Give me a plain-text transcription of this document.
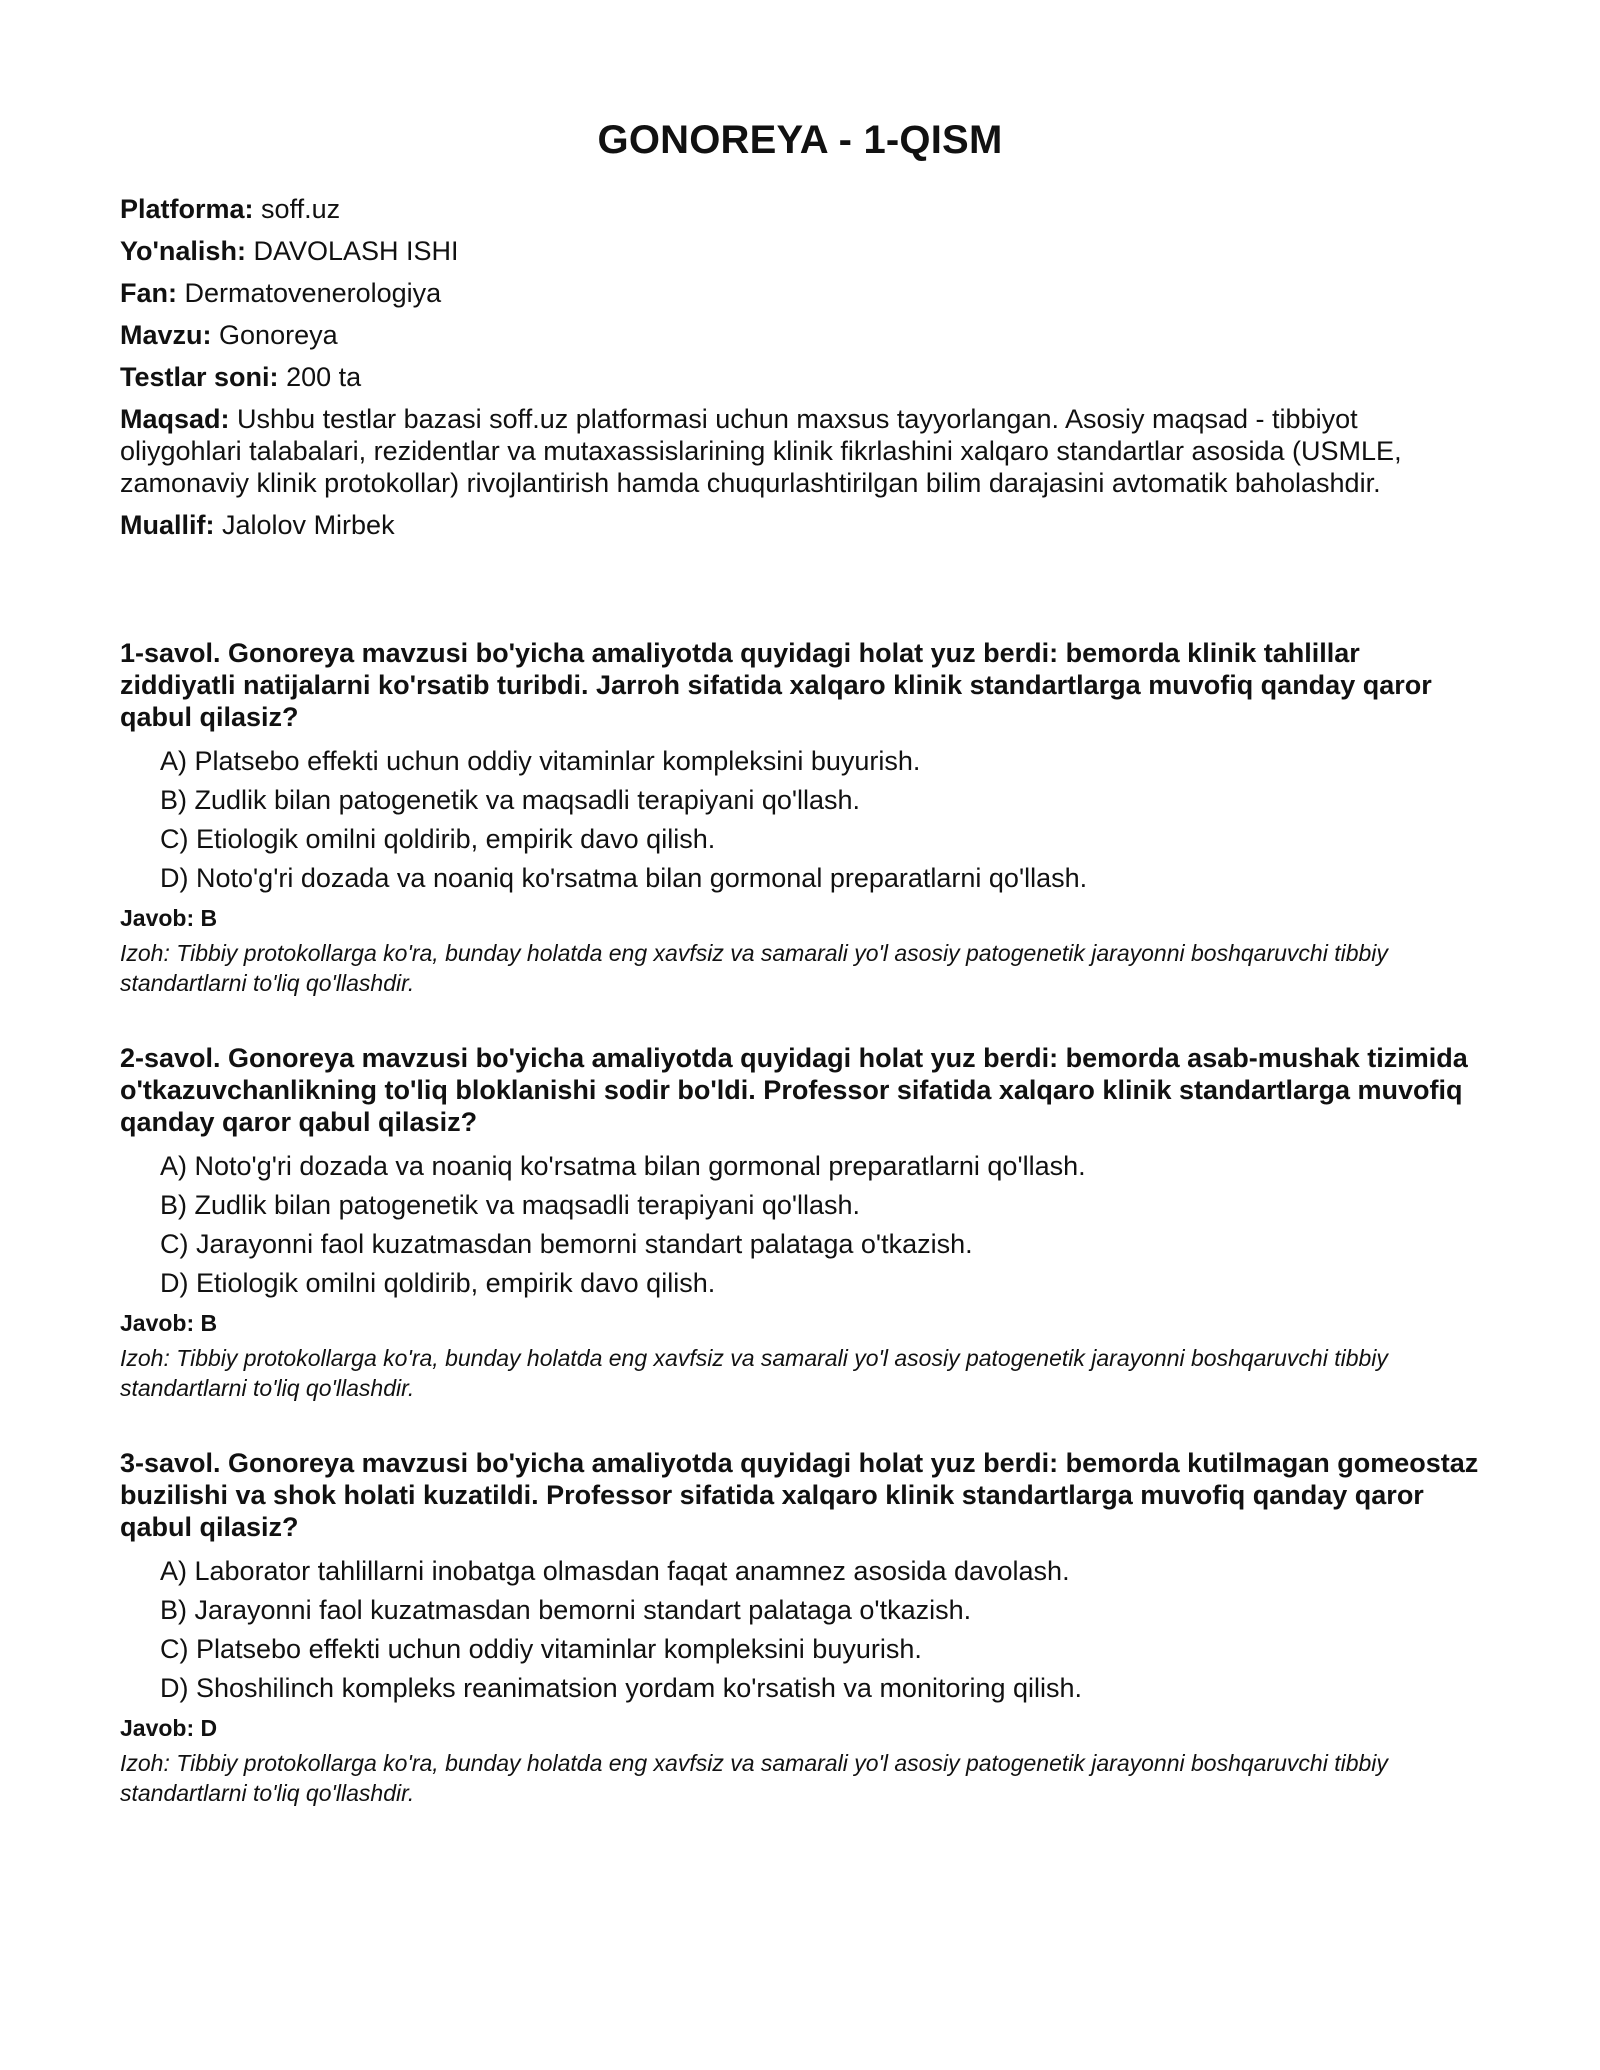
GONOREYA - 1-QISM

Platforma: soff.uz

Yo'nalish: DAVOLASH ISHI

Fan: Dermatovenerologiya

Mavzu: Gonoreya

Testlar soni: 200 ta

Maqsad: Ushbu testlar bazasi soff.uz platformasi uchun maxsus tayyorlangan. Asosiy maqsad - tibbiyot oliygohlari talabalari, rezidentlar va mutaxassislarining klinik fikrlashini xalqaro standartlar asosida (USMLE, zamonaviy klinik protokollar) rivojlantirish hamda chuqurlashtirilgan bilim darajasini avtomatik baholashdir.

Muallif: Jalolov Mirbek

1-savol. Gonoreya mavzusi bo'yicha amaliyotda quyidagi holat yuz berdi: bemorda klinik tahlillar ziddiyatli natijalarni ko'rsatib turibdi. Jarroh sifatida xalqaro klinik standartlarga muvofiq qanday qaror qabul qilasiz?

A) Platsebo effekti uchun oddiy vitaminlar kompleksini buyurish.
B) Zudlik bilan patogenetik va maqsadli terapiyani qo'llash.
C) Etiologik omilni qoldirib, empirik davo qilish.
D) Noto'g'ri dozada va noaniq ko'rsatma bilan gormonal preparatlarni qo'llash.

Javob: B

Izoh: Tibbiy protokollarga ko'ra, bunday holatda eng xavfsiz va samarali yo'l asosiy patogenetik jarayonni boshqaruvchi tibbiy standartlarni to'liq qo'llashdir.

2-savol. Gonoreya mavzusi bo'yicha amaliyotda quyidagi holat yuz berdi: bemorda asab-mushak tizimida o'tkazuvchanlikning to'liq bloklanishi sodir bo'ldi. Professor sifatida xalqaro klinik standartlarga muvofiq qanday qaror qabul qilasiz?

A) Noto'g'ri dozada va noaniq ko'rsatma bilan gormonal preparatlarni qo'llash.
B) Zudlik bilan patogenetik va maqsadli terapiyani qo'llash.
C) Jarayonni faol kuzatmasdan bemorni standart palataga o'tkazish.
D) Etiologik omilni qoldirib, empirik davo qilish.

Javob: B

Izoh: Tibbiy protokollarga ko'ra, bunday holatda eng xavfsiz va samarali yo'l asosiy patogenetik jarayonni boshqaruvchi tibbiy standartlarni to'liq qo'llashdir.

3-savol. Gonoreya mavzusi bo'yicha amaliyotda quyidagi holat yuz berdi: bemorda kutilmagan gomeostaz buzilishi va shok holati kuzatildi. Professor sifatida xalqaro klinik standartlarga muvofiq qanday qaror qabul qilasiz?

A) Laborator tahlillarni inobatga olmasdan faqat anamnez asosida davolash.
B) Jarayonni faol kuzatmasdan bemorni standart palataga o'tkazish.
C) Platsebo effekti uchun oddiy vitaminlar kompleksini buyurish.
D) Shoshilinch kompleks reanimatsion yordam ko'rsatish va monitoring qilish.

Javob: D

Izoh: Tibbiy protokollarga ko'ra, bunday holatda eng xavfsiz va samarali yo'l asosiy patogenetik jarayonni boshqaruvchi tibbiy standartlarni to'liq qo'llashdir.
